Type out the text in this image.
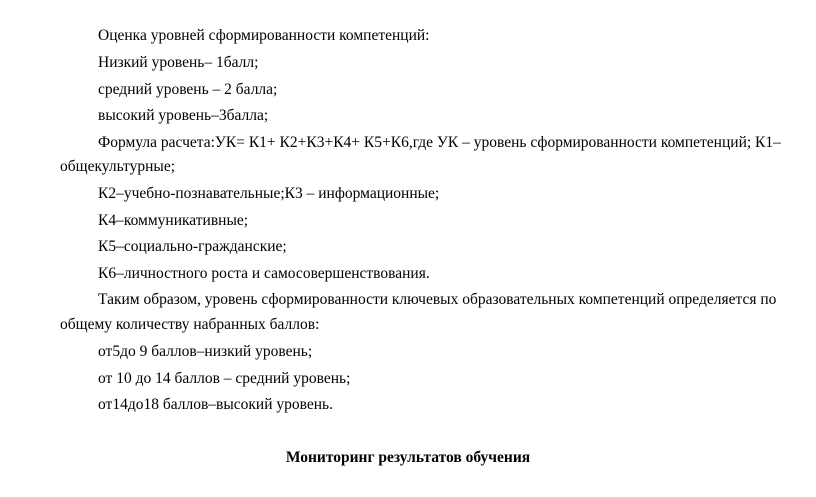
Оценка уровней сформированности компетенций:
Низкий уровень– 1балл;
средний уровень – 2 балла;
высокий уровень–3балла;
Формула расчета:УК= К1+ К2+К3+К4+ К5+К6,где УК – уровень сформированности компетенций; К1–
общекультурные;
К2–учебно-познавательные;К3 – информационные;
К4–коммуникативные;
К5–социально-гражданские;
К6–личностного роста и самосовершенствования.
Таким образом, уровень сформированности ключевых образовательных компетенций определяется по
общему количеству набранных баллов:
от5до 9 баллов–низкий уровень;
от 10 до 14 баллов – средний уровень;
от14до18 баллов–высокий уровень.
Мониторинг результатов обучения
